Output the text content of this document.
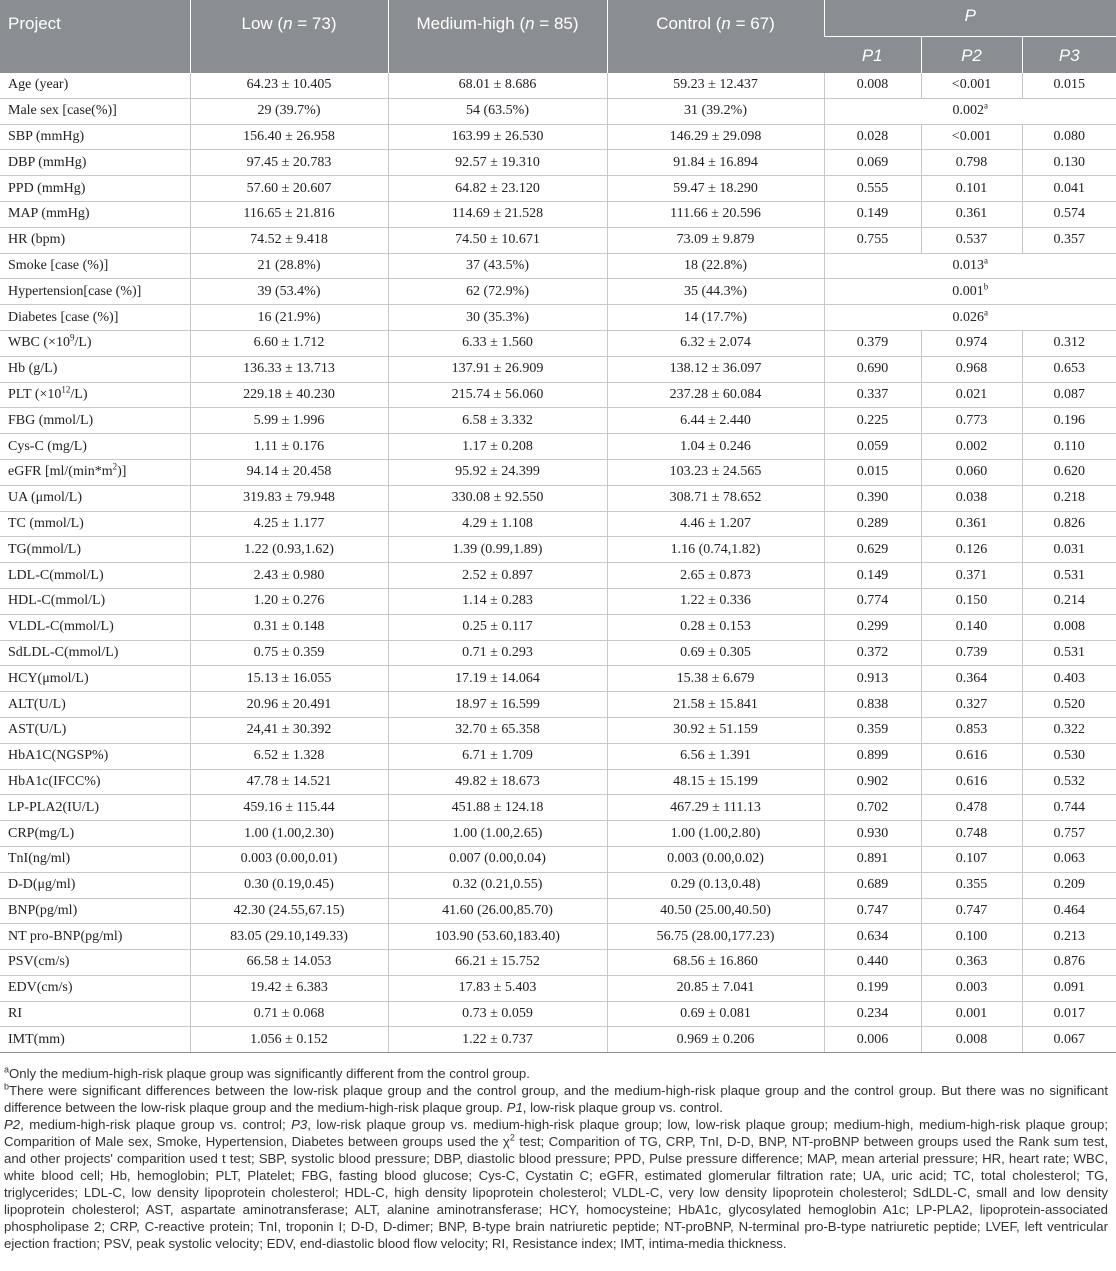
Project	Low (n = 73)	Medium-high (n = 85)	Control (n = 67)	P		
				P1	P2	P3
Age (year)	64.23 ± 10.405	68.01 ± 8.686	59.23 ± 12.437	0.008	<0.001	0.015
Male sex [case(%)]	29 (39.7%)	54 (63.5%)	31 (39.2%)	0.002$^a$
SBP (mmHg)	156.40 ± 26.958	163.99 ± 26.530	146.29 ± 29.098	0.028	<0.001	0.080
DBP (mmHg)	97.45 ± 20.783	92.57 ± 19.310	91.84 ± 16.894	0.069	0.798	0.130
PPD (mmHg)	57.60 ± 20.607	64.82 ± 23.120	59.47 ± 18.290	0.555	0.101	0.041
MAP (mmHg)	116.65 ± 21.816	114.69 ± 21.528	111.66 ± 20.596	0.149	0.361	0.574
HR (bpm)	74.52 ± 9.418	74.50 ± 10.671	73.09 ± 9.879	0.755	0.537	0.357
Smoke [case (%)]	21 (28.8%)	37 (43.5%)	18 (22.8%)	0.013$^a$
Hypertension[case (%)]	39 (53.4%)	62 (72.9%)	35 (44.3%)	0.001$^b$
Diabetes [case (%)]	16 (21.9%)	30 (35.3%)	14 (17.7%)	0.026$^a$
WBC $(\times 10^9/L)$	6.60 ± 1.712	6.33 ± 1.560	6.32 ± 2.074	0.379	0.974	0.312
Hb (g/L)	136.33 ± 13.713	137.91 ± 26.909	138.12 ± 36.097	0.690	0.968	0.653
PLT $(\times 10^{12}/L)$	229.18 ± 40.230	215.74 ± 56.060	237.28 ± 60.084	0.337	0.021	0.087
FBG (mmol/L)	5.99 ± 1.996	6.58 ± 3.332	6.44 ± 2.440	0.225	0.773	0.196
Cys-C (mg/L)	1.11 ± 0.176	1.17 ± 0.208	1.04 ± 0.246	0.059	0.002	0.110
eGFR $[ml/(\min*m^2)]$	94.14 ± 20.458	95.92 ± 24.399	103.23 ± 24.565	0.015	0.060	0.620
UA (μmol/L)	319.83 ± 79.948	330.08 ± 92.550	308.71 ± 78.652	0.390	0.038	0.218
TC (mmol/L)	4.25 ± 1.177	4.29 ± 1.108	4.46 ± 1.207	0.289	0.361	0.826
TG(mmol/L)	1.22 (0.93,1.62)	1.39 (0.99,1.89)	1.16 (0.74,1.82)	0.629	0.126	0.031
LDL-C(mmol/L)	2.43 ± 0.980	2.52 ± 0.897	2.65 ± 0.873	0.149	0.371	0.531
HDL-C(mmol/L)	1.20 ± 0.276	1.14 ± 0.283	1.22 ± 0.336	0.774	0.150	0.214
VLDL-C(mmol/L)	0.31 ± 0.148	0.25 ± 0.117	0.28 ± 0.153	0.299	0.140	0.008
SdLDL-C(mmol/L)	0.75 ± 0.359	0.71 ± 0.293	0.69 ± 0.305	0.372	0.739	0.531
HCY(μmol/L)	15.13 ± 16.055	17.19 ± 14.064	15.38 ± 6.679	0.913	0.364	0.403
ALT(U/L)	20.96 ± 20.491	18.97 ± 16.599	21.58 ± 15.841	0.838	0.327	0.520
AST(U/L)	24,41 ± 30.392	32.70 ± 65.358	30.92 ± 51.159	0.359	0.853	0.322
HbA1C(NGSP%)	6.52 ± 1.328	6.71 ± 1.709	6.56 ± 1.391	0.899	0.616	0.530
HbA1c(IFCC%)	47.78 ± 14.521	49.82 ± 18.673	48.15 ± 15.199	0.902	0.616	0.532
LP-PLA2(IU/L)	459.16 ± 115.44	451.88 ± 124.18	467.29 ± 111.13	0.702	0.478	0.744
CRP(mg/L)	1.00 (1.00,2.30)	1.00 (1.00,2.65)	1.00 (1.00,2.80)	0.930	0.748	0.757
TnI(ng/ml)	0.003 (0.00,0.01)	0.007 (0.00,0.04)	0.003 (0.00,0.02)	0.891	0.107	0.063
D-D(μg/ml)	0.30 (0.19,0.45)	0.32 (0.21,0.55)	0.29 (0.13,0.48)	0.689	0.355	0.209
BNP(pg/ml)	42.30 (24.55,67.15)	41.60 (26.00,85.70)	40.50 (25.00,40.50)	0.747	0.747	0.464
NT pro-BNP(pg/ml)	83.05 (29.10,149.33)	103.90 (53.60,183.40)	56.75 (28.00,177.23)	0.634	0.100	0.213
PSV(cm/s)	66.58 ± 14.053	66.21 ± 15.752	68.56 ± 16.860	0.440	0.363	0.876
EDV(cm/s)	19.42 ± 6.383	17.83 ± 5.403	20.85 ± 7.041	0.199	0.003	0.091
RI	0.71 ± 0.068	0.73 ± 0.059	0.69 ± 0.081	0.234	0.001	0.017
IMT(mm)	1.056 ± 0.152	1.22 ± 0.737	0.969 ± 0.206	0.006	0.008	0.067

$^a$Only the medium-high-risk plaque group was significantly different from the control group.

$^b$There were significant differences between the low-risk plaque group and the control group, and the medium-high-risk plaque group and the control group. But there was no significant difference between the low-risk plaque group and the medium-high-risk plaque group. P1, low-risk plaque group vs. control.

P2, medium-high-risk plaque group vs. control; P3, low-risk plaque group vs. medium-high-risk plaque group; low, low-risk plaque group; medium-high, medium-high-risk plaque group; Comparition of Male sex, Smoke, Hypertension, Diabetes between groups used the $\chi^2$ test; Comparition of TG, CRP, TnI, D-D, BNP, NT-proBNP between groups used the Rank sum test, and other projects' comparition used t test; SBP, systolic blood pressure; DBP, diastolic blood pressure; PPD, Pulse pressure difference; MAP, mean arterial pressure; HR, heart rate; WBC, white blood cell; Hb, hemoglobin; PLT, Platelet; FBG, fasting blood glucose; Cys-C, Cystatin C; eGFR, estimated glomerular filtration rate; UA, uric acid; TC, total cholesterol; TG, triglycerides; LDL-C, low density lipoprotein cholesterol; HDL-C, high density lipoprotein cholesterol; VLDL-C, very low density lipoprotein cholesterol; SdLDL-C, small and low density lipoprotein cholesterol; AST, aspartate aminotransferase; ALT, alanine aminotransferase; HCY, homocysteine; HbA1c, glycosylated hemoglobin A1c; LP-PLA2, lipoprotein-associated phospholipase 2; CRP, C-reactive protein; TnI, troponin I; D-D, D-dimer; BNP, B-type brain natriuretic peptide; NT-proBNP, N-terminal pro-B-type natriuretic peptide; LVEF, left ventricular ejection fraction; PSV, peak systolic velocity; EDV, end-diastolic blood flow velocity; RI, Resistance index; IMT, intima-media thickness.
